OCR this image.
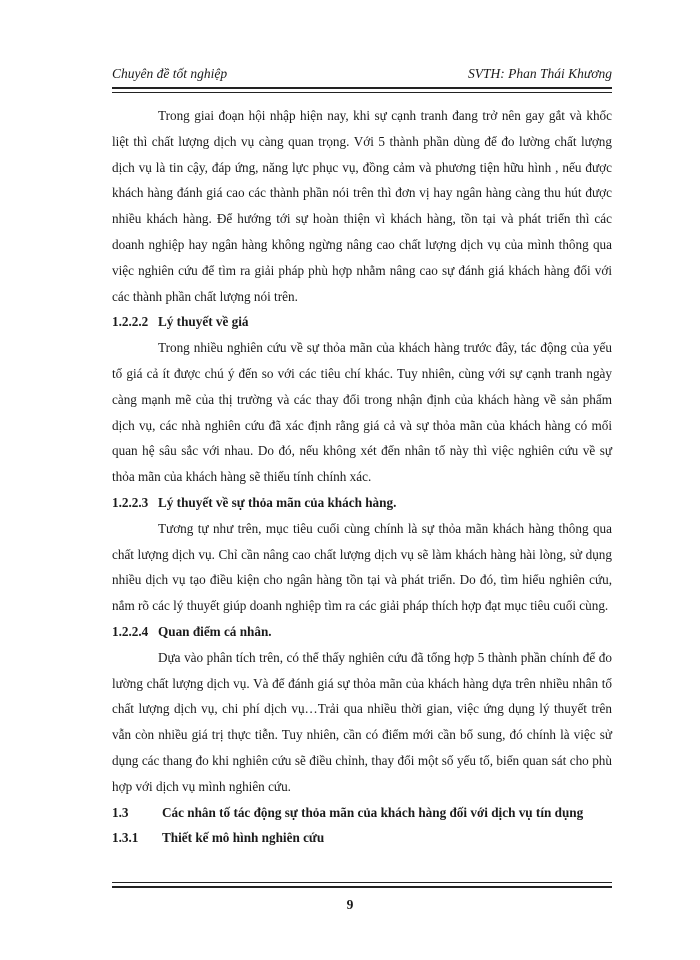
Chuyên đề tốt nghiệp	SVTH: Phan Thái Khương

Trong giai đoạn hội nhập hiện nay, khi sự cạnh tranh đang trở nên gay gắt và khốc liệt thì chất lượng dịch vụ càng quan trọng. Với 5 thành phần dùng để đo lường chất lượng dịch vụ là tin cậy, đáp ứng, năng lực phục vụ, đồng cảm và phương tiện hữu hình , nếu được khách hàng đánh giá cao các thành phần nói trên thì đơn vị hay ngân hàng càng thu hút được nhiều khách hàng. Để hướng tới sự hoàn thiện vì khách hàng, tồn tại và phát triển thì các doanh nghiệp hay ngân hàng không ngừng nâng cao chất lượng dịch vụ của mình thông qua việc nghiên cứu để tìm ra giải pháp phù hợp nhằm nâng cao sự đánh giá khách hàng đối với các thành phần chất lượng nói trên.

1.2.2.2 Lý thuyết về giá

Trong nhiều nghiên cứu về sự thỏa mãn của khách hàng trước đây, tác động của yếu tố giá cả ít được chú ý đến so với các tiêu chí khác. Tuy nhiên, cùng với sự cạnh tranh ngày càng mạnh mẽ của thị trường và các thay đổi trong nhận định của khách hàng về sản phẩm dịch vụ, các nhà nghiên cứu đã xác định rằng giá cả và sự thỏa mãn của khách hàng có mối quan hệ sâu sắc với nhau. Do đó, nếu không xét đến nhân tố này thì việc nghiên cứu về sự thỏa mãn của khách hàng sẽ thiếu tính chính xác.

1.2.2.3 Lý thuyết về sự thỏa mãn của khách hàng.

Tương tự như trên, mục tiêu cuối cùng chính là sự thỏa mãn khách hàng thông qua chất lượng dịch vụ. Chỉ cần nâng cao chất lượng dịch vụ sẽ làm khách hàng hài lòng, sử dụng nhiều dịch vụ tạo điều kiện cho ngân hàng tồn tại và phát triển. Do đó, tìm hiểu nghiên cứu, nắm rõ các lý thuyết giúp doanh nghiệp tìm ra các giải pháp thích hợp đạt mục tiêu cuối cùng.

1.2.2.4 Quan điểm cá nhân.

Dựa vào phân tích trên, có thể thấy nghiên cứu đã tổng hợp 5 thành phần chính để đo lường chất lượng dịch vụ. Và để đánh giá sự thỏa mãn của khách hàng dựa trên nhiều nhân tố chất lượng dịch vụ, chi phí dịch vụ…Trải qua nhiều thời gian, việc ứng dụng lý thuyết trên vẫn còn nhiều giá trị thực tiễn. Tuy nhiên, cần có điểm mới cần bổ sung, đó chính là việc sử dụng các thang đo khi nghiên cứu sẽ điều chỉnh, thay đổi một số yếu tố, biến quan sát cho phù hợp với dịch vụ mình nghiên cứu.

1.3	Các nhân tố tác động sự thỏa mãn của khách hàng đối với dịch vụ tín dụng

1.3.1 Thiết kế mô hình nghiên cứu

9
